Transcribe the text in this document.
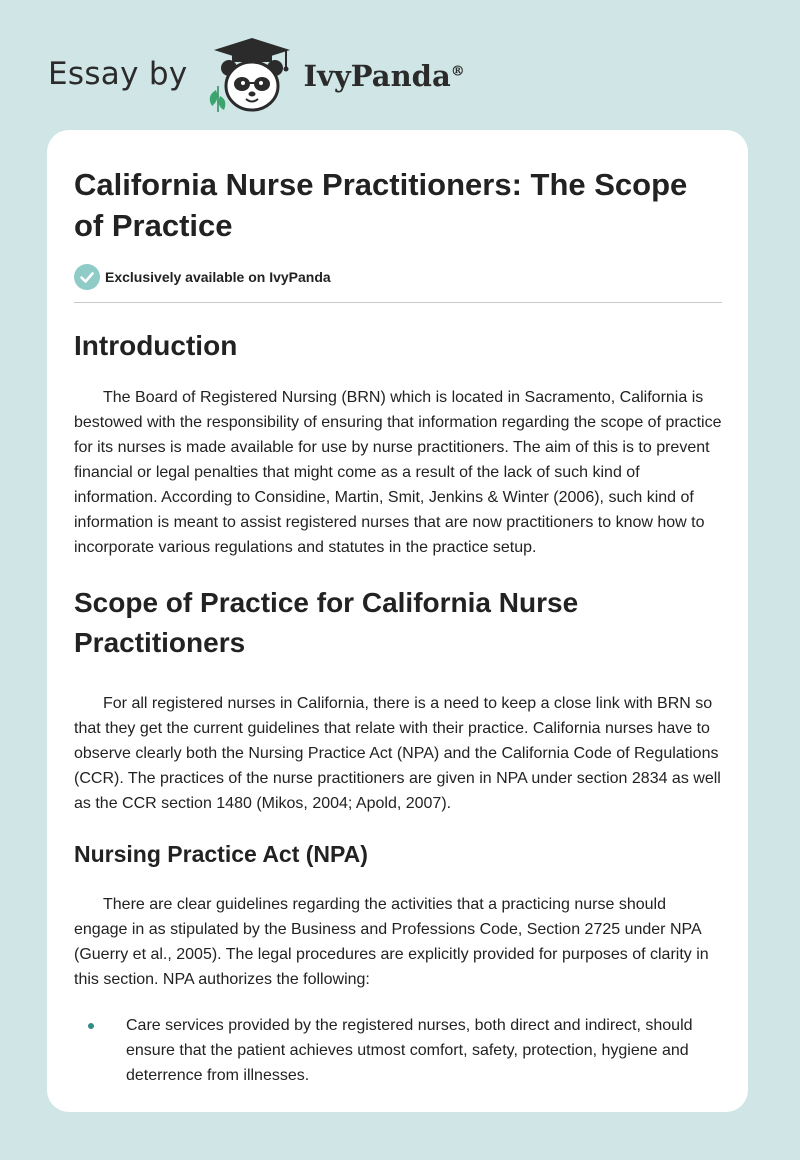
Essay by	IvyPanda®
California Nurse Practitioners: The Scope of Practice
Exclusively available on IvyPanda
Introduction

The Board of Registered Nursing (BRN) which is located in Sacramento, California is bestowed with the responsibility of ensuring that information regarding the scope of practice for its nurses is made available for use by nurse practitioners. The aim of this is to prevent financial or legal penalties that might come as a result of the lack of such kind of information. According to Considine, Martin, Smit, Jenkins & Winter (2006), such kind of information is meant to assist registered nurses that are now practitioners to know how to incorporate various regulations and statutes in the practice setup.

Scope of Practice for California Nurse Practitioners

For all registered nurses in California, there is a need to keep a close link with BRN so that they get the current guidelines that relate with their practice. California nurses have to observe clearly both the Nursing Practice Act (NPA) and the California Code of Regulations (CCR). The practices of the nurse practitioners are given in NPA under section 2834 as well as the CCR section 1480 (Mikos, 2004; Apold, 2007).

Nursing Practice Act (NPA)

There are clear guidelines regarding the activities that a practicing nurse should engage in as stipulated by the Business and Professions Code, Section 2725 under NPA (Guerry et al., 2005). The legal procedures are explicitly provided for purposes of clarity in this section. NPA authorizes the following:

Care services provided by the registered nurses, both direct and indirect, should ensure that the patient achieves utmost comfort, safety, protection, hygiene and deterrence from illnesses.
